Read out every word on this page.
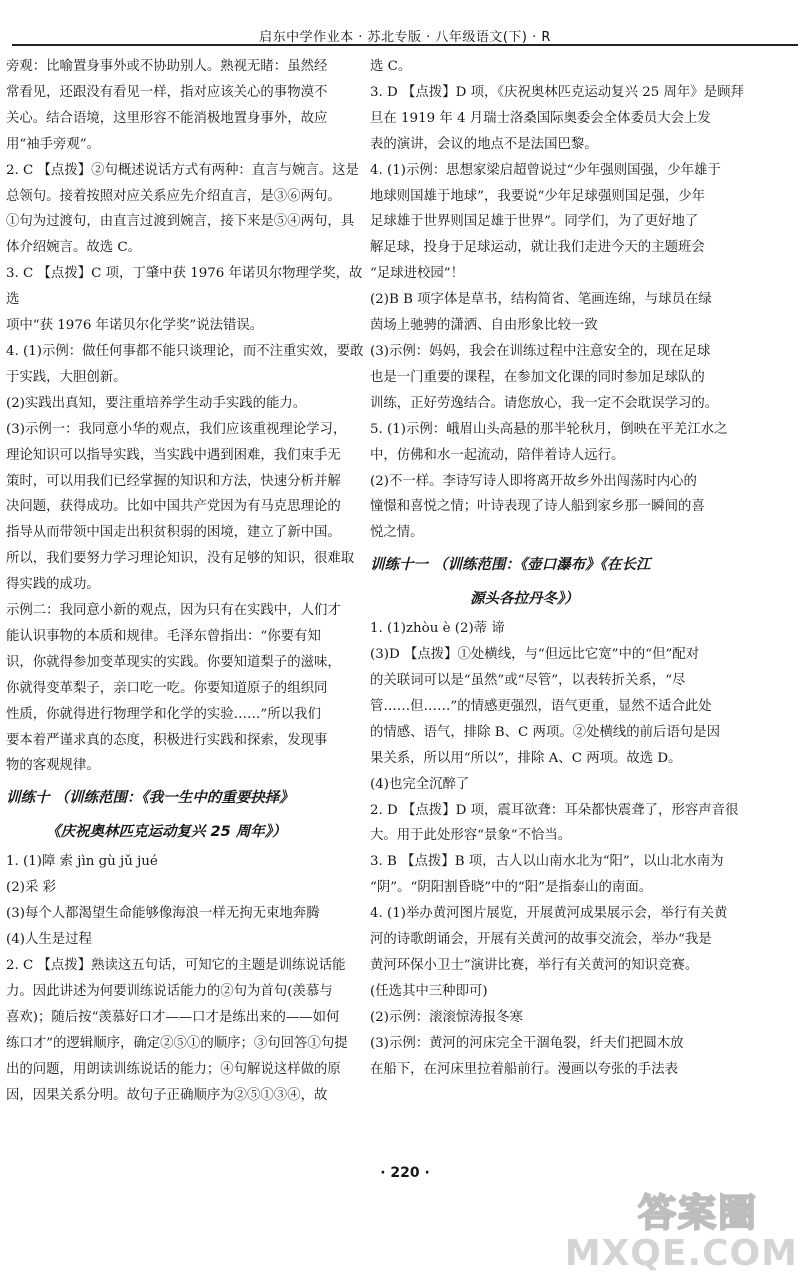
启东中学作业本 · 苏北专版 · 八年级语文(下) · R

旁观：比喻置身事外或不协助别人。熟视无睹：虽然经

常看见，还跟没有看见一样，指对应该关心的事物漠不

关心。结合语境，这里形容不能消极地置身事外，故应

用“袖手旁观”。

2. C 【点拨】②句概述说话方式有两种：直言与婉言。这是

总领句。接着按照对应关系应先介绍直言，是③⑥两句。

①句为过渡句，由直言过渡到婉言，接下来是⑤④两句，具

体介绍婉言。故选 C。

3. C 【点拨】C 项，丁肇中获 1976 年诺贝尔物理学奖，故选

项中“获 1976 年诺贝尔化学奖”说法错误。

4. (1)示例：做任何事都不能只谈理论，而不注重实效，要敢

于实践，大胆创新。

(2)实践出真知，要注重培养学生动手实践的能力。

(3)示例一：我同意小华的观点，我们应该重视理论学习，

理论知识可以指导实践，当实践中遇到困难，我们束手无

策时，可以用我们已经掌握的知识和方法，快速分析并解

决问题，获得成功。比如中国共产党因为有马克思理论的

指导从而带领中国走出积贫积弱的困境，建立了新中国。

所以，我们要努力学习理论知识，没有足够的知识，很难取

得实践的成功。

示例二：我同意小新的观点，因为只有在实践中，人们才

能认识事物的本质和规律。毛泽东曾指出：“你要有知

识，你就得参加变革现实的实践。你要知道梨子的滋味，

你就得变革梨子，亲口吃一吃。你要知道原子的组织同

性质，你就得进行物理学和化学的实验……”所以我们

要本着严谨求真的态度，积极进行实践和探索，发现事

物的客观规律。

训练十 （训练范围：《我一生中的重要抉择》
《庆祝奥林匹克运动复兴 25 周年》）

1. (1)障 索 jìn gù jǔ jué

(2)采 彩

(3)每个人都渴望生命能够像海浪一样无拘无束地奔腾

(4)人生是过程

2. C 【点拨】熟读这五句话，可知它的主题是训练说话能

力。因此讲述为何要训练说话能力的②句为首句(羡慕与

喜欢)；随后按“羡慕好口才——口才是练出来的——如何

练口才”的逻辑顺序，确定②⑤①的顺序；③句回答①句提

出的问题，用朗读训练说话的能力；④句解说这样做的原

因，因果关系分明。故句子正确顺序为②⑤①③④，故

选 C。

3. D 【点拨】D 项，《庆祝奥林匹克运动复兴 25 周年》是顾拜

旦在 1919 年 4 月瑞士洛桑国际奥委会全体委员大会上发

表的演讲，会议的地点不是法国巴黎。

4. (1)示例：思想家梁启超曾说过“少年强则国强，少年雄于

地球则国雄于地球”，我要说“少年足球强则国足强，少年

足球雄于世界则国足雄于世界”。同学们，为了更好地了

解足球，投身于足球运动，就让我们走进今天的主题班会

“足球进校园”！

(2)B B 项字体是草书，结构简省、笔画连绵，与球员在绿

茵场上驰骋的潇洒、自由形象比较一致

(3)示例：妈妈，我会在训练过程中注意安全的，现在足球

也是一门重要的课程，在参加文化课的同时参加足球队的

训练，正好劳逸结合。请您放心，我一定不会耽误学习的。

5. (1)示例：峨眉山头高悬的那半轮秋月，倒映在平羌江水之

中，仿佛和水一起流动，陪伴着诗人远行。

(2)不一样。李诗写诗人即将离开故乡外出闯荡时内心的

憧憬和喜悦之情；叶诗表现了诗人船到家乡那一瞬间的喜

悦之情。

训练十一 （训练范围：《壶口瀑布》《在长江
源头各拉丹冬》）

1. (1)zhòu è (2)蒂 谛

(3)D 【点拨】①处横线，与“但远比它宽”中的“但”配对

的关联词可以是“虽然”或“尽管”，以表转折关系，“尽

管……但……”的情感更强烈，语气更重，显然不适合此处

的情感、语气，排除 B、C 两项。②处横线的前后语句是因

果关系，所以用“所以”，排除 A、C 两项。故选 D。

(4)也完全沉醉了

2. D 【点拨】D 项，震耳欲聋：耳朵都快震聋了，形容声音很

大。用于此处形容“景象”不恰当。

3. B 【点拨】B 项，古人以山南水北为“阳”，以山北水南为

“阴”。“阴阳割昏晓”中的“阳”是指泰山的南面。

4. (1)举办黄河图片展览，开展黄河成果展示会，举行有关黄

河的诗歌朗诵会，开展有关黄河的故事交流会，举办“我是

黄河环保小卫士”演讲比赛，举行有关黄河的知识竞赛。

(任选其中三种即可)

(2)示例：滚滚惊涛报冬寒

(3)示例：黄河的河床完全干涸龟裂，纤夫们把圆木放

在船下，在河床里拉着船前行。漫画以夸张的手法表

· 220 ·
答案圈
MXQE.COM
